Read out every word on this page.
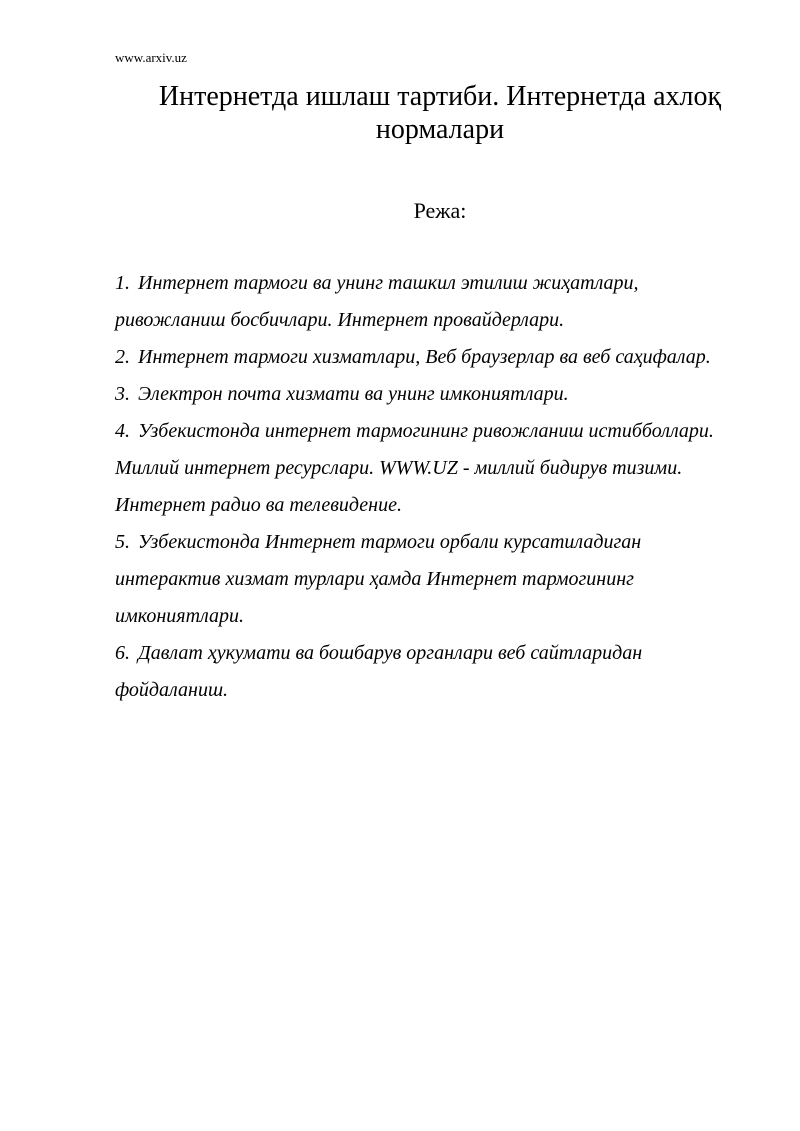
www.arxiv.uz
Интернетда ишлаш тартиби. Интернетда ахлоқ нормалари
Режа:

1. Интернет тармоги ва унинг ташкил этилиш жиҳатлари, ривожланиш босбичлари. Интернет провайдерлари.

2. Интернет тармоги хизматлари, Веб браузерлар ва веб саҳифалар.

3. Электрон почта хизмати ва унинг имкониятлари.

4. Узбекистонда интернет тармогининг ривожланиш истибболлари. Миллий интернет ресурслари. WWW.UZ - миллий бидирув тизими. Интернет радио ва телевидение.

5. Узбекистонда Интернет тармоги орбали курсатиладиган интерактив хизмат турлари ҳамда Интернет тармогининг имкониятлари.

6. Давлат ҳукумати ва бошбарув органлари веб сайтларидан фойдаланиш.
